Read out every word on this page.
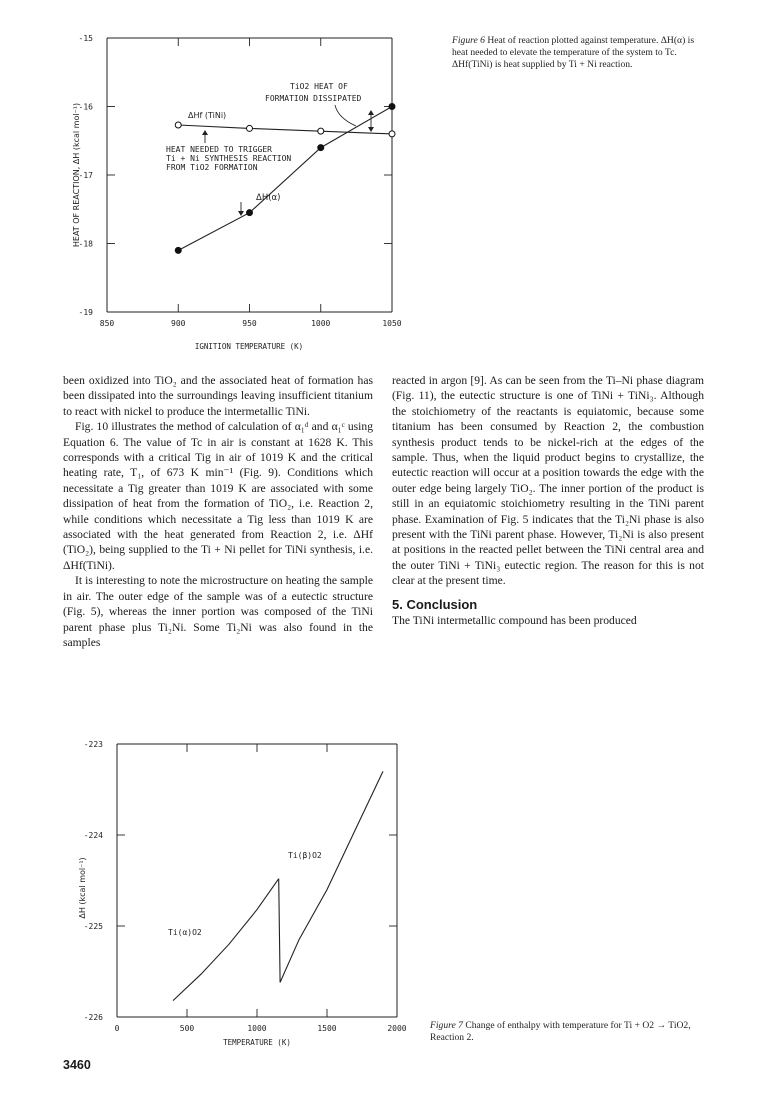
-15
-16
-17
-18
-19
850	900	950	1000	1050
IGNITION TEMPERATURE (K)
HEAT OF REACTION, ΔH (kcal mol⁻¹)
TiO2 HEAT OF
FORMATION DISSIPATED
ΔHf (TiNi)
HEAT NEEDED TO TRIGGER
Ti + Ni SYNTHESIS REACTION
FROM TiO2 FORMATION
ΔH(α)
Figure 6 Heat of reaction plotted against temperature. ΔH(α) is heat needed to elevate the temperature of the system to Tc. ΔHf(TiNi) is heat supplied by Ti + Ni reaction.

been oxidized into TiO₂ and the associated heat of formation has been dissipated into the surroundings leaving insufficient titanium to react with nickel to produce the intermetallic TiNi.

Fig. 10 illustrates the method of calculation of α₁ᵈ and α₁ᶜ using Equation 6. The value of Tc in air is constant at 1628 K. This corresponds with a critical Tig in air of 1019 K and the critical heating rate, T₁, of 673 K min⁻¹ (Fig. 9). Conditions which necessitate a Tig greater than 1019 K are associated with some dissipation of heat from the formation of TiO₂, i.e. Reaction 2, while conditions which necessitate a Tig less than 1019 K are associated with the heat generated from Reaction 2, i.e. ΔHf (TiO₂), being supplied to the Ti + Ni pellet for TiNi synthesis, i.e. ΔHf(TiNi).

It is interesting to note the microstructure on heating the sample in air. The outer edge of the sample was of a eutectic structure (Fig. 5), whereas the inner portion was composed of the TiNi parent phase plus Ti₂Ni. Some Ti₂Ni was also found in the samples

reacted in argon [9]. As can be seen from the Ti–Ni phase diagram (Fig. 11), the eutectic structure is one of TiNi + TiNi₃. Although the stoichiometry of the reactants is equiatomic, because some titanium has been consumed by Reaction 2, the combustion synthesis product tends to be nickel-rich at the edges of the sample. Thus, when the liquid product begins to crystallize, the eutectic reaction will occur at a position towards the edge with the outer edge being largely TiO₂. The inner portion of the product is still in an equiatomic stoichiometry resulting in the TiNi parent phase. Examination of Fig. 5 indicates that the Ti₂Ni phase is also present with the TiNi parent phase. However, Ti₂Ni is also present at positions in the reacted pellet between the TiNi central area and the outer TiNi + TiNi₃ eutectic region. The reason for this is not clear at the present time.

5. Conclusion

The TiNi intermetallic compound has been produced

-223
-224
-225
-226
0	500	1000	1500	2000
TEMPERATURE (K)
ΔH (kcal mol⁻¹)
Ti(α)O2
Ti(β)O2
Figure 7 Change of enthalpy with temperature for Ti + O2 → TiO2, Reaction 2.
3460
